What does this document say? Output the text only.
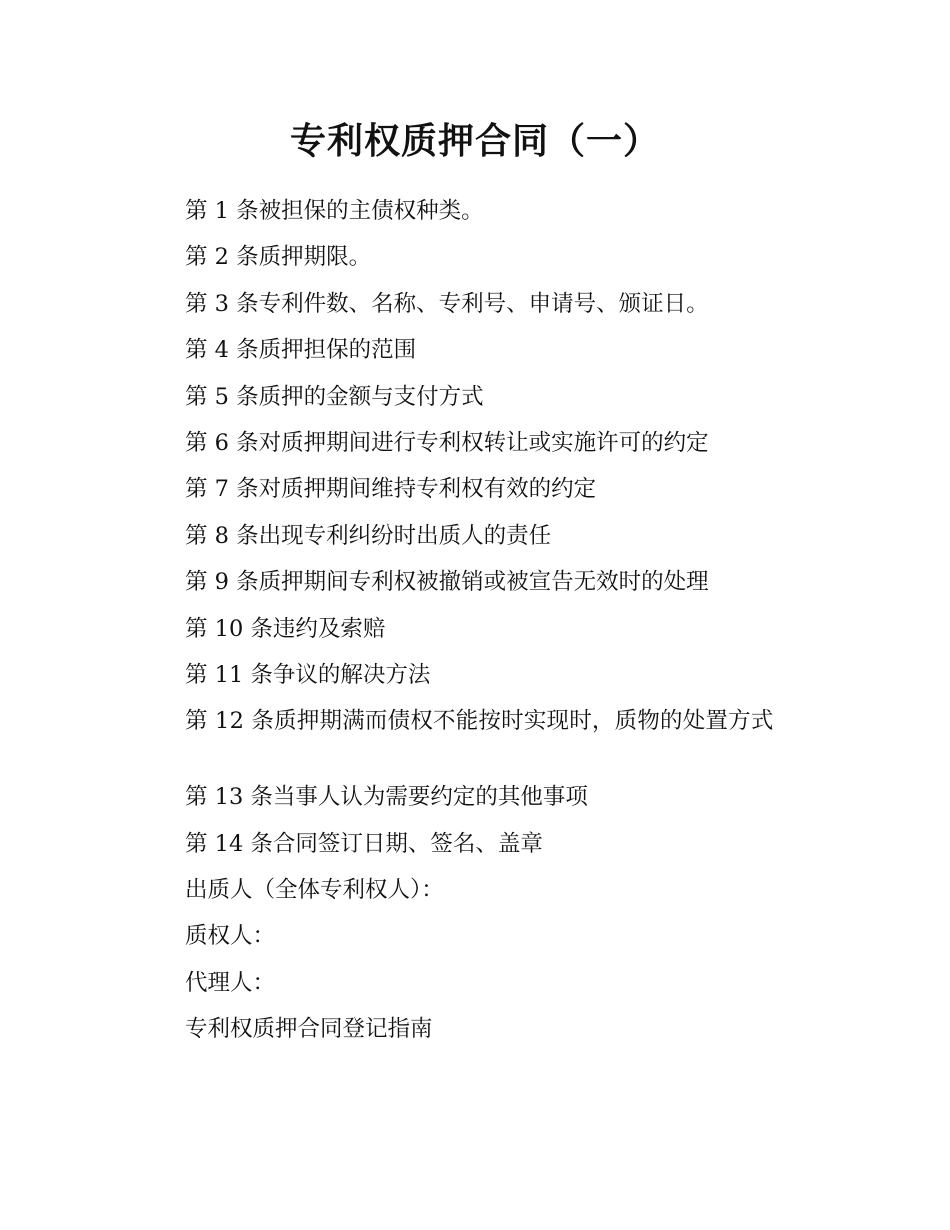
专利权质押合同（一）

第 1 条被担保的主债权种类。

第 2 条质押期限。

第 3 条专利件数、名称、专利号、申请号、颁证日。

第 4 条质押担保的范围

第 5 条质押的金额与支付方式

第 6 条对质押期间进行专利权转让或实施许可的约定

第 7 条对质押期间维持专利权有效的约定

第 8 条出现专利纠纷时出质人的责任

第 9 条质押期间专利权被撤销或被宣告无效时的处理

第 10 条违约及索赔

第 11 条争议的解决方法

第 12 条质押期满而债权不能按时实现时，质物的处置方式

第 13 条当事人认为需要约定的其他事项

第 14 条合同签订日期、签名、盖章

出质人（全体专利权人）：

质权人：

代理人：

专利权质押合同登记指南
